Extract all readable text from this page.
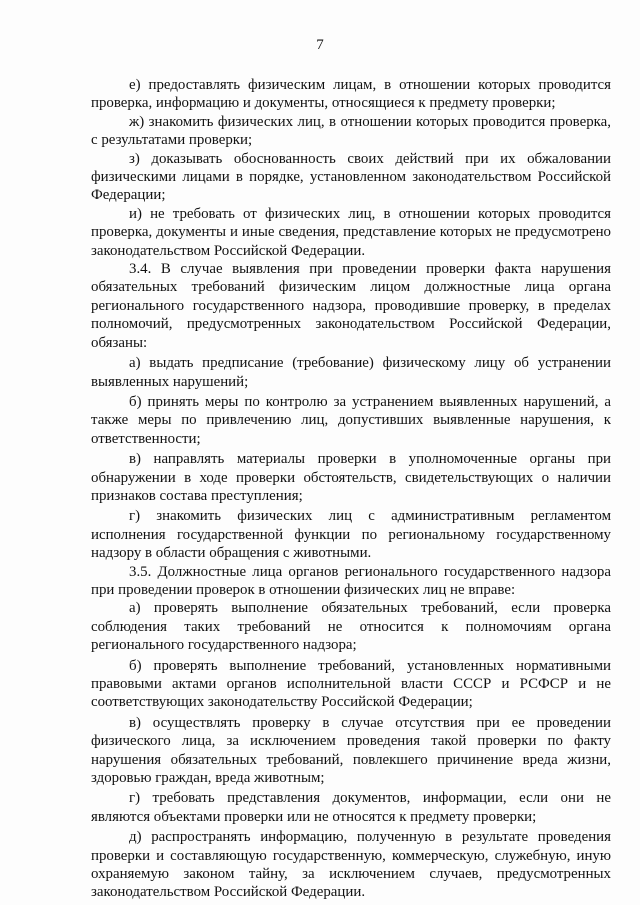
7

е) предоставлять физическим лицам, в отношении которых проводится проверка, информацию и документы, относящиеся к предмету проверки;

ж) знакомить физических лиц, в отношении которых проводится проверка, с результатами проверки;

з) доказывать обоснованность своих действий при их обжаловании физическими лицами в порядке, установленном законодательством Российской Федерации;

и) не требовать от физических лиц, в отношении которых проводится проверка, документы и иные сведения, представление которых не предусмотрено законодательством Российской Федерации.

3.4. В случае выявления при проведении проверки факта нарушения обязательных требований физическим лицом должностные лица органа регионального государственного надзора, проводившие проверку, в пределах полномочий, предусмотренных законодательством Российской Федерации, обязаны:

а) выдать предписание (требование) физическому лицу об устранении выявленных нарушений;

б) принять меры по контролю за устранением выявленных нарушений, а также меры по привлечению лиц, допустивших выявленные нарушения, к ответственности;

в) направлять материалы проверки в уполномоченные органы при обнаружении в ходе проверки обстоятельств, свидетельствующих о наличии признаков состава преступления;

г) знакомить физических лиц с административным регламентом исполнения государственной функции по региональному государственному надзору в области обращения с животными.

3.5. Должностные лица органов регионального государственного надзора при проведении проверок в отношении физических лиц не вправе:

а) проверять выполнение обязательных требований, если проверка соблюдения таких требований не относится к полномочиям органа регионального государственного надзора;

б) проверять выполнение требований, установленных нормативными правовыми актами органов исполнительной власти СССР и РСФСР и не соответствующих законодательству Российской Федерации;

в) осуществлять проверку в случае отсутствия при ее проведении физического лица, за исключением проведения такой проверки по факту нарушения обязательных требований, повлекшего причинение вреда жизни, здоровью граждан, вреда животным;

г) требовать представления документов, информации, если они не являются объектами проверки или не относятся к предмету проверки;

д) распространять информацию, полученную в результате проведения проверки и составляющую государственную, коммерческую, служебную, иную охраняемую законом тайну, за исключением случаев, предусмотренных законодательством Российской Федерации.
